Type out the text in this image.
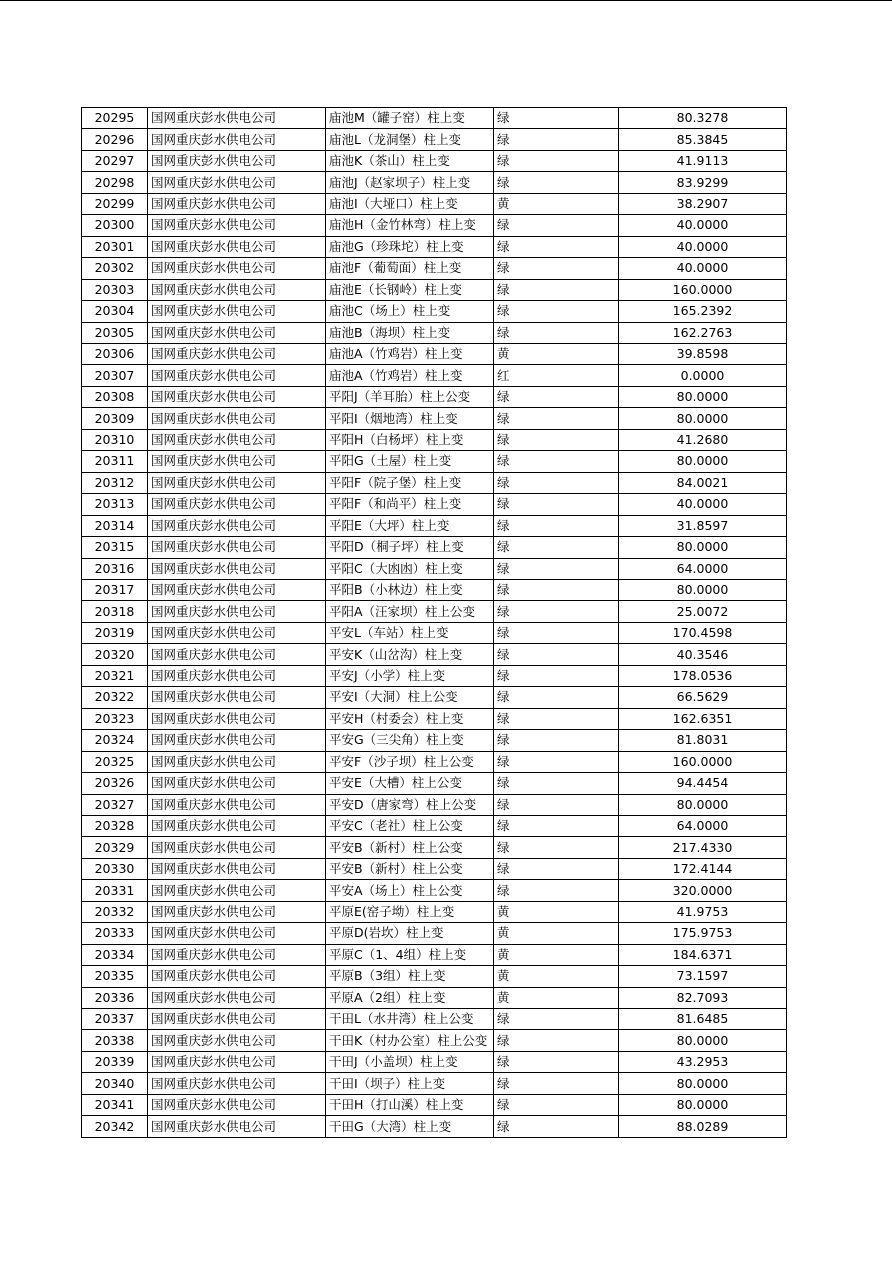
20295	国网重庆彭水供电公司	庙池M（罐子窑）柱上变	绿	80.3278
20296	国网重庆彭水供电公司	庙池L（龙洞堡）柱上变	绿	85.3845
20297	国网重庆彭水供电公司	庙池K（茶山）柱上变	绿	41.9113
20298	国网重庆彭水供电公司	庙池J（赵家坝子）柱上变	绿	83.9299
20299	国网重庆彭水供电公司	庙池I（大垭口）柱上变	黄	38.2907
20300	国网重庆彭水供电公司	庙池H（金竹林弯）柱上变	绿	40.0000
20301	国网重庆彭水供电公司	庙池G（珍珠坨）柱上变	绿	40.0000
20302	国网重庆彭水供电公司	庙池F（葡萄面）柱上变	绿	40.0000
20303	国网重庆彭水供电公司	庙池E（长钢岭）柱上变	绿	160.0000
20304	国网重庆彭水供电公司	庙池C（场上）柱上变	绿	165.2392
20305	国网重庆彭水供电公司	庙池B（海坝）柱上变	绿	162.2763
20306	国网重庆彭水供电公司	庙池A（竹鸡岩）柱上变	黄	39.8598
20307	国网重庆彭水供电公司	庙池A（竹鸡岩）柱上变	红	0.0000
20308	国网重庆彭水供电公司	平阳J（羊耳胎）柱上公变	绿	80.0000
20309	国网重庆彭水供电公司	平阳I（烟地湾）柱上变	绿	80.0000
20310	国网重庆彭水供电公司	平阳H（白杨坪）柱上变	绿	41.2680
20311	国网重庆彭水供电公司	平阳G（土屋）柱上变	绿	80.0000
20312	国网重庆彭水供电公司	平阳F（院子堡）柱上变	绿	84.0021
20313	国网重庆彭水供电公司	平阳F（和尚平）柱上变	绿	40.0000
20314	国网重庆彭水供电公司	平阳E（大坪）柱上变	绿	31.8597
20315	国网重庆彭水供电公司	平阳D（桐子坪）柱上变	绿	80.0000
20316	国网重庆彭水供电公司	平阳C（大凼凼）柱上变	绿	64.0000
20317	国网重庆彭水供电公司	平阳B（小林边）柱上变	绿	80.0000
20318	国网重庆彭水供电公司	平阳A（汪家坝）柱上公变	绿	25.0072
20319	国网重庆彭水供电公司	平安L（车站）柱上变	绿	170.4598
20320	国网重庆彭水供电公司	平安K（山岔沟）柱上变	绿	40.3546
20321	国网重庆彭水供电公司	平安J（小学）柱上变	绿	178.0536
20322	国网重庆彭水供电公司	平安I（大洞）柱上公变	绿	66.5629
20323	国网重庆彭水供电公司	平安H（村委会）柱上变	绿	162.6351
20324	国网重庆彭水供电公司	平安G（三尖角）柱上变	绿	81.8031
20325	国网重庆彭水供电公司	平安F（沙子坝）柱上公变	绿	160.0000
20326	国网重庆彭水供电公司	平安E（大槽）柱上公变	绿	94.4454
20327	国网重庆彭水供电公司	平安D（唐家弯）柱上公变	绿	80.0000
20328	国网重庆彭水供电公司	平安C（老社）柱上公变	绿	64.0000
20329	国网重庆彭水供电公司	平安B（新村）柱上公变	绿	217.4330
20330	国网重庆彭水供电公司	平安B（新村）柱上公变	绿	172.4144
20331	国网重庆彭水供电公司	平安A（场上）柱上公变	绿	320.0000
20332	国网重庆彭水供电公司	平原E(窑子坳）柱上变	黄	41.9753
20333	国网重庆彭水供电公司	平原D(岩坎）柱上变	黄	175.9753
20334	国网重庆彭水供电公司	平原C（1、4组）柱上变	黄	184.6371
20335	国网重庆彭水供电公司	平原B（3组）柱上变	黄	73.1597
20336	国网重庆彭水供电公司	平原A（2组）柱上变	黄	82.7093
20337	国网重庆彭水供电公司	干田L（水井湾）柱上公变	绿	81.6485
20338	国网重庆彭水供电公司	干田K（村办公室）柱上公变	绿	80.0000
20339	国网重庆彭水供电公司	干田J（小盖坝）柱上变	绿	43.2953
20340	国网重庆彭水供电公司	干田I（坝子）柱上变	绿	80.0000
20341	国网重庆彭水供电公司	干田H（打山溪）柱上变	绿	80.0000
20342	国网重庆彭水供电公司	干田G（大湾）柱上变	绿	88.0289
